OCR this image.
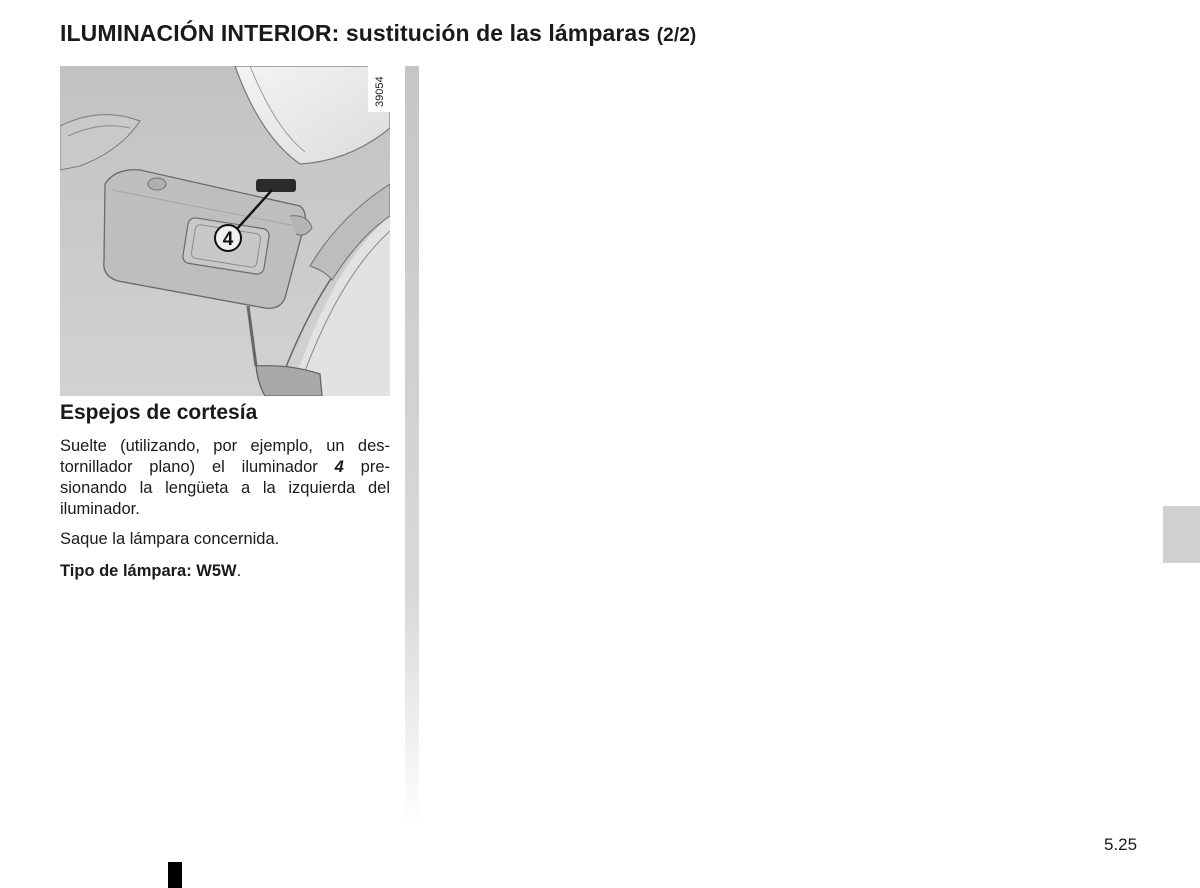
ILUMINACIÓN INTERIOR: sustitución de las lámparas (2/2)
4
39054
Espejos de cortesía

Suelte (utilizando, por ejemplo, un des-tornillador plano) el iluminador 4 pre-sionando la lengüeta a la izquierda del iluminador.

Saque la lámpara concernida.

Tipo de lámpara: W5W.

5.25
